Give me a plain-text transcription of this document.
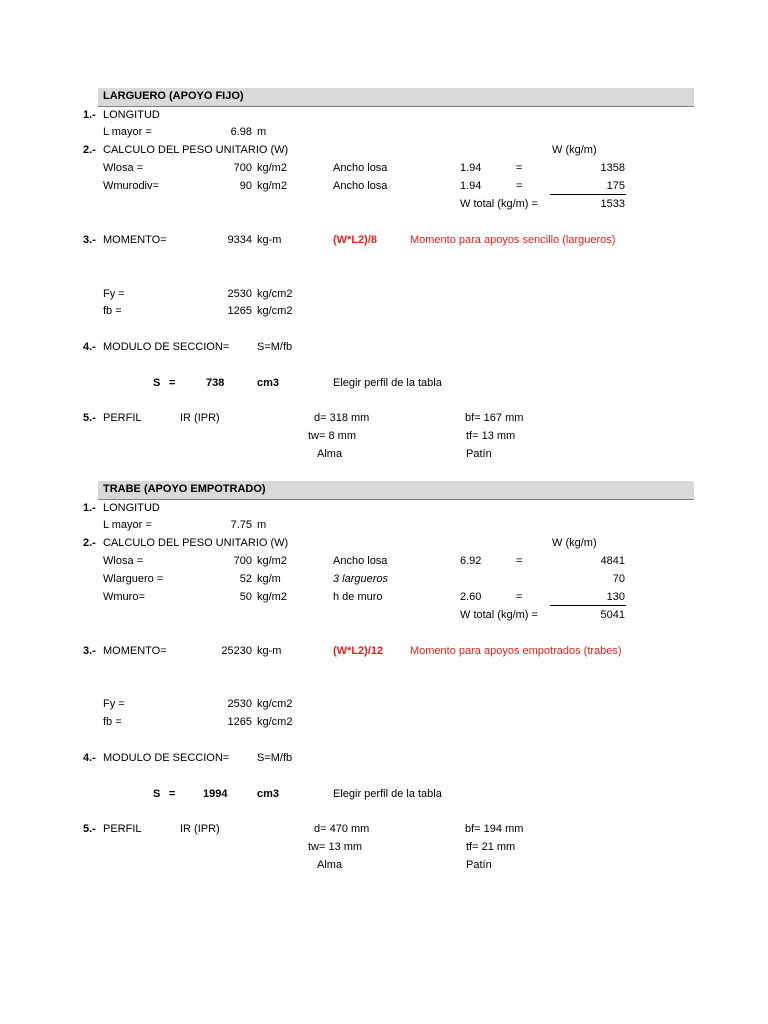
LARGUERO (APOYO FIJO)
1.- LONGITUD
L mayor =	6.98 m
2.- CALCULO DEL PESO UNITARIO (W)	W (kg/m)
Wlosa =	700 kg/m2	Ancho losa	1.94	=	1358
Wmurodiv=	90 kg/m2	Ancho losa	1.94	=	175
W total (kg/m) =	1533
3.- MOMENTO=	9334 kg-m	(W*L2)/8	Momento para apoyos sencillo (largueros)
Fy =	2530 kg/cm2
fb =	1265 kg/cm2
4.- MODULO DE SECCION=	S=M/fb
S =	738	cm3	Elegir perfil de la tabla
5.- PERFIL	IR (IPR)	d= 318 mm	bf= 167 mm
tw= 8 mm	tf= 13 mm
Alma	Patín
TRABE (APOYO EMPOTRADO)
1.- LONGITUD
L mayor =	7.75 m
2.- CALCULO DEL PESO UNITARIO (W)	W (kg/m)
Wlosa =	700 kg/m2	Ancho losa	6.92	=	4841
Wlarguero =	52 kg/m	3 largueros	70
Wmuro=	50 kg/m2	h de muro	2.60	=	130
W total (kg/m) =	5041
3.- MOMENTO=	25230 kg-m	(W*L2)/12 Momento para apoyos empotrados (trabes)
Fy =	2530 kg/cm2
fb =	1265 kg/cm2
4.- MODULO DE SECCION=	S=M/fb
S =	1994	cm3	Elegir perfil de la tabla
5.- PERFIL	IR (IPR)	d= 470 mm	bf= 194 mm
tw= 13 mm	tf= 21 mm
Alma	Patín
